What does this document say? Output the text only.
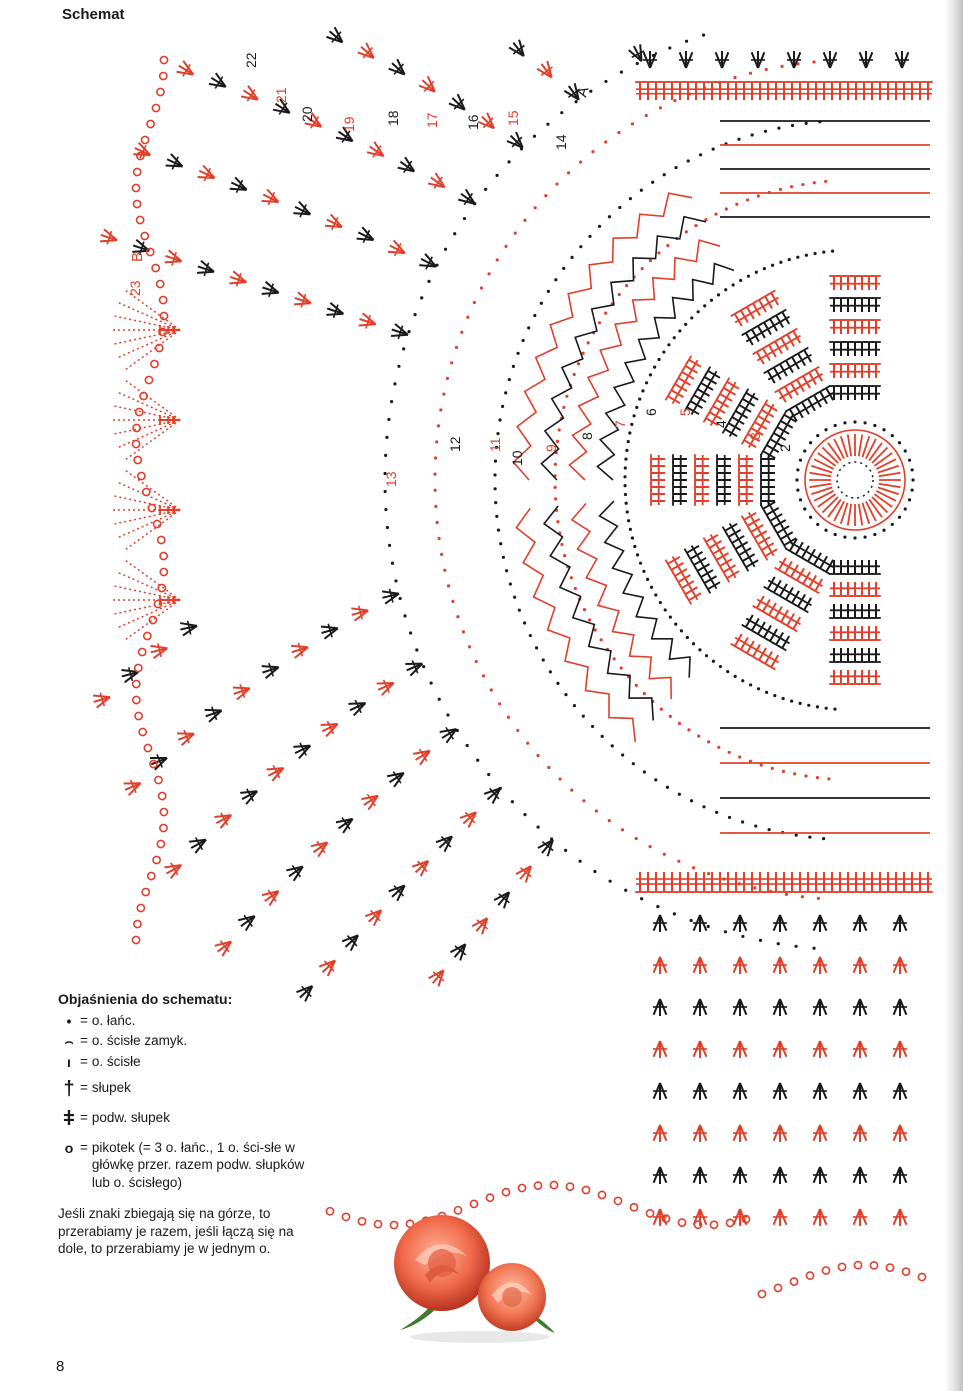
Schemat
2
3
4
5
6
7
8
9
10
11
12
13
14
15
16
17
18
19
20
21
22
23
A
B
Objaśnienia do schematu:
• = o. łańc.
⌢ = o. ścisłe zamyk.
ı = o. ścisłe
† = słupek
ǂ = podw. słupek
o = pikotek (= 3 o. łańc., 1 o. ści-słe w główkę przer. razem podw. słupków lub o. ścisłego)
Jeśli znaki zbiegają się na górze, to przerabiamy je razem, jeśli łączą się na dole, to przerabiamy je w jednym o.
8
